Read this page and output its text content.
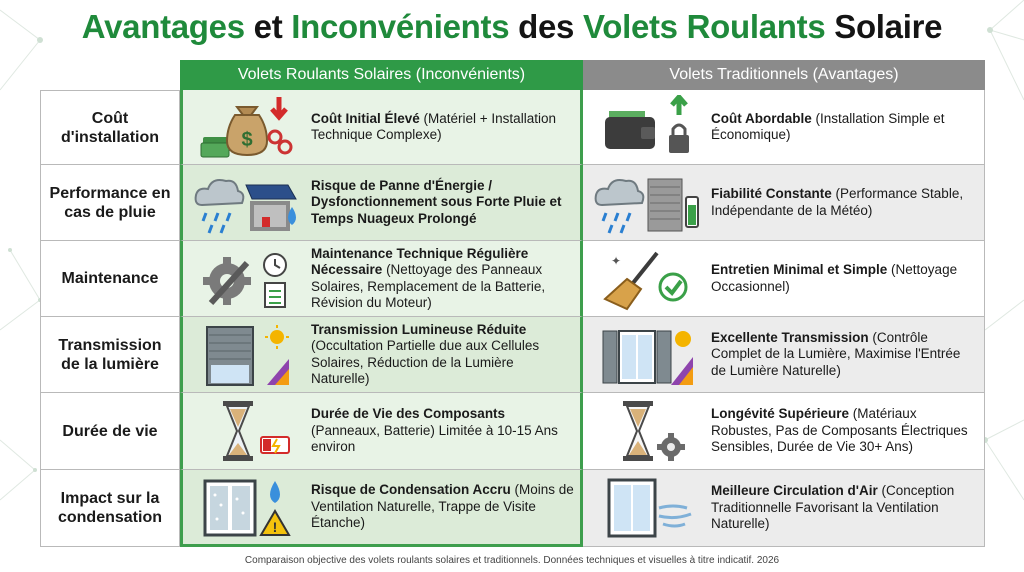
Avantages et Inconvénients des Volets Roulants Solaire
Volets Roulants Solaires (Inconvénients)	Volets Traditionnels (Avantages)
Coût d'installation	$
Coût Initial Élevé (Matériel + Installation Technique Complexe)
Coût Abordable (Installation Simple et Économique)
Performance en cas de pluie
Risque de Panne d'Énergie / Dysfonctionnement sous Forte Pluie et Temps Nuageux Prolongé
Fiabilité Constante (Performance Stable, Indépendante de la Météo)
Maintenance
Maintenance Technique Régulière Nécessaire (Nettoyage des Panneaux Solaires, Remplacement de la Batterie, Révision du Moteur)
✦
Entretien Minimal et Simple (Nettoyage Occasionnel)
Transmission de la lumière
Transmission Lumineuse Réduite (Occultation Partielle due aux Cellules Solaires, Réduction de la Lumière Naturelle)
Excellente Transmission (Contrôle Complet de la Lumière, Maximise l'Entrée de Lumière Naturelle)
Durée de vie
Durée de Vie des Composants (Panneaux, Batterie) Limitée à 10-15 Ans environ
Longévité Supérieure (Matériaux Robustes, Pas de Composants Électriques Sensibles, Durée de Vie 30+ Ans)
Impact sur la condensation
!
Risque de Condensation Accru (Moins de Ventilation Naturelle, Trappe de Visite Étanche)
Meilleure Circulation d'Air (Conception Traditionnelle Favorisant la Ventilation Naturelle)
Comparaison objective des volets roulants solaires et traditionnels. Données techniques et visuelles à titre indicatif. 2026
